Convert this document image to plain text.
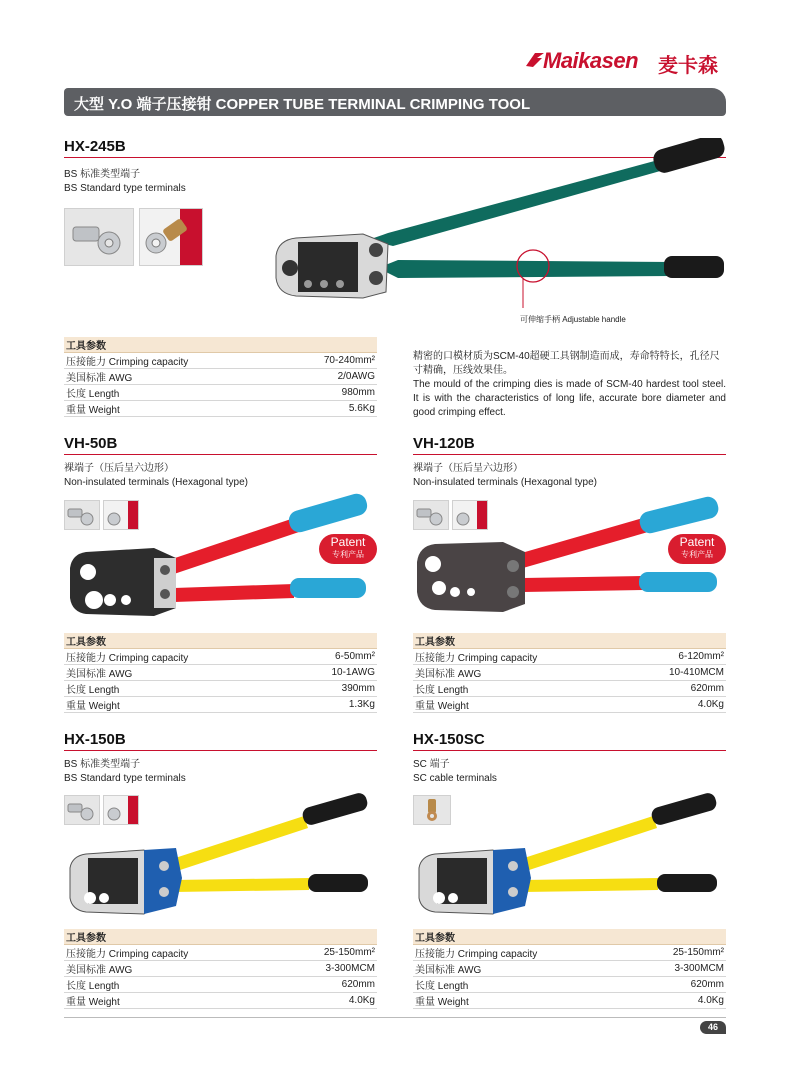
Maikasen 麦卡森
大型 Y.O 端子压接钳 COPPER TUBE TERMINAL CRIMPING TOOL
HX-245B
BS 标准类型端子
BS Standard type terminals
可伸缩手柄 Adjustable handle
工具参数	
压接能力 Crimping capacity	70-240mm²
美国标准 AWG	2/0AWG
长度 Length	980mm
重量 Weight	5.6Kg
精密的口模材质为SCM-40超硬工具钢制造而成，寿命特特长，孔径尺寸精确，压线效果佳。
The mould of the crimping dies is made of SCM-40 hardest tool steel. It is with the characteristics of long life, accurate bore diameter and good crimping effect.
VH-50B
裸端子（压后呈六边形）
Non-insulated terminals (Hexagonal type)
Patent
专利产品
工具参数	
压接能力 Crimping capacity	6-50mm²
美国标准 AWG	10-1AWG
长度 Length	390mm
重量 Weight	1.3Kg
VH-120B
裸端子（压后呈六边形）
Non-insulated terminals (Hexagonal type)
Patent
专利产品
工具参数	
压接能力 Crimping capacity	6-120mm²
美国标准 AWG	10-410MCM
长度 Length	620mm
重量 Weight	4.0Kg
HX-150B
BS 标准类型端子
BS Standard type terminals
工具参数	
压接能力 Crimping capacity	25-150mm²
美国标准 AWG	3-300MCM
长度 Length	620mm
重量 Weight	4.0Kg
HX-150SC
SC 端子
SC cable terminals
工具参数	
压接能力 Crimping capacity	25-150mm²
美国标准 AWG	3-300MCM
长度 Length	620mm
重量 Weight	4.0Kg
46
